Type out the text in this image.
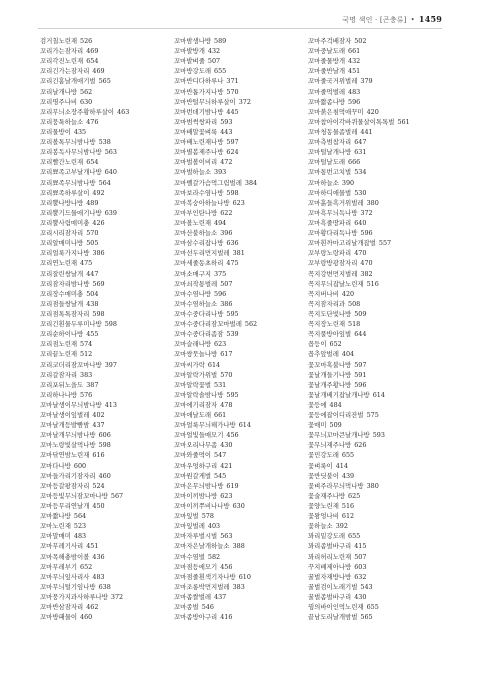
국명 색인 · [곤충류] • 1459
검거칠노린재 526
꼬리가는잠자리 469
꼬리각진노린재 654
꼬리긴가는잠자리 469
꼬리긴홈날개애기벌 565
꼬리날개나방 562
꼬리명주나비 630
꼬리무늬소장주황하루살이 463
꼬리뭉툭하늘소 476
꼬리물방이 435
꼬리볼톡무늬밤나방 538
꼬리봉독사무늬밤나방 563
꼬리빨간노린재 654
꼬리뾰족고부날개나방 640
꼬리뾰족무늬밤나방 564
꼬리뾰족하루살이 492
꼬리뿔나방나방 489
꼬리뿔기드물애기나방 639
꼬리뿔사림매미충 426
꼬리시리잠자리 570
꼬리알매미나방 505
꼬리얼룩가지나방 386
꼬리연노린재 475
꼬리잘린쌍날개 447
꼬리잠자리밤나방 569
꼬리장수매미충 504
꼬리점들쌍날개 438
꼬리점톡톡잠자리 598
꼬리긴흰물두루미나방 598
꼬리순하이나방 455
꼬리점노린재 574
꼬리끝노린재 512
꼬리코더리잠꼬마나방 397
꼬리갈잠자리 383
꼬리포뒤노을도 387
꼬리하나나방 576
꼬마날생이무늬밤나방 413
꼬마날생이잎벌레 402
꼬마날개등발뺨밤 437
꼬마날개무늬밤나방 606
꼬마노랑빛살먹나방 598
꼬마닦연밤노린재 616
꼬마다나방 600
꼬마들가리기잠자리 460
꼬마등갈팡잠자리 524
꼬마등빛무늬잠꼬마나방 567
꼬마등무리연날개 450
꼬마짧나방 564
꼬마노린재 523
꼬마말매미 483
꼬마무레기사리 451
꼬마목해충밤이볼 436
꼬마무레부기 652
꼬마무늬잎사리사 483
꼬마무늬털기임나방 638
꼬마뭉가지과사하루나방 372
꼬마반삼잠자리 462
꼬마방패물이 460
꼬마밤생나방 589
꼬마발방개 432
꼬마밭벼줄 507
꼬마방강도래 655
꼬마반디다하루나 371
꼬마반톱가지나방 570
꼬마반털무늬하루살이 372
꼬마번데기밤나방 445
꼬마범썩쌍파리 593
꼬마배말꽃벼룩 443
꼬마배노린재나방 597
꼬마별봄제주나방 624
꼬마벌볼이비리 472
꼬마벌하늘소 393
꼬마벨갈가슴먹그림벌레 384
꼬마보라수염나방 598
꼬마복숭아하늘나방 623
꼬마부인탄나방 622
꼬마볼노린재 494
꼬마산불하늘소 396
꼬마삼수리잡나방 636
꼬마선두리먼지벌레 381
꼬마세줄동초하리 475
꼬마소매구지 375
꼬마쇠작통벌레 507
꼬마수염나방 596
꼬마수염하늘소 386
꼬마수중다리나방 595
꼬마수중다리잠꼬마벌레 562
꼬마수중다리좀잠 539
꼬마슬래나방 623
꼬마쌍뭇놀나방 617
꼬마씨가락 614
꼬마알락가위벌 570
꼬마알락꽃벌 531
꼬마알락솔밤나방 595
꼬마에기리잠자 478
꼬마애날도래 661
꼬마얼룩무늬해가나방 614
꼬마얼빛들매모기 456
꼬마오리나무좀 430
꼬마와줄먹이 547
꼬마우엉하구리 421
꼬마원갈게벌 545
꼬마은무늬밤나방 619
꼬마이끼밤나방 623
꼬마이끼쭈비나나방 630
꼬마잎벌 578
꼬마잎벌레 403
꼬마자루벌시벌 563
꼬마자은날개하늘소 388
꼬마수염벌 582
꼬마점등에모기 456
꼬마점줄흰색기자나방 610
꼬마조롱박먼지벌레 383
꼬마좁쌀벌레 437
꼬마종벌 546
꼬마좀방아구리 416
꼬마주걱배잠자 502
꼬마중날도래 661
꼬마줄물방개 432
꼬마줄반날개 451
꼬마줄국거위벌레 379
꼬마줄먹벌레 483
꼬마짧좀나방 596
꼬마붉은침먹애꾸미 420
꼬마참아이각바퀴물살이톡톡벌 561
꼬마청동물좀벌레 441
꼬마측범참자리 647
꼬마털날개나방 631
꼬마털날도래 666
꼬마통번고치벌 534
꼬마하늘소 390
꼬마하디애물벌 530
꼬마흙들흑거위벌레 380
꼬마흑무늬독나방 372
꼬마흑줄땅파리 640
꼬마황다리독나방 596
꼬마흰까마고리날개잡벌 557
꼬부랑노랑파리 470
꼬부랑방광잠자리 470
꼭지강변먼지벌레 382
꼭지무늬잡날노린재 516
꼭지버나비 420
꼭지잠자리과 508
꼭지도단빛나방 509
꼭지장노린재 518
꼭지풀방아잎벌 644
꼽등이 652
꼽추앞벌레 404
꽃꼬마혹불나방 597
꽃날개들기나방 591
꽃날개주황나방 596
꽃날개배기잡날개나방 614
꽃등에 484
꽃등에잡이디리잔벌 575
꽃매미 509
꽃무늬꼬마큰날개나방 593
꽃무늬재주나방 626
꽃민강도래 655
꽃벼룩이 414
꽃반딧불이 439
꽃벼주라무늬먹나방 380
꽃술재주나방 625
꽃양노린재 516
꽃왕엉나비 612
꽃하늘소 392
꽈리밑강도래 655
꽈리좀벌바구리 415
꽈리허리노린재 507
꾸지배제아나방 603
꿀벌자재방나방 632
꿀벌검이노래기벌 543
꿀벌좀벌바구리 430
꿩의바이인먹노린재 655
끝남도리날개밤벌 565
